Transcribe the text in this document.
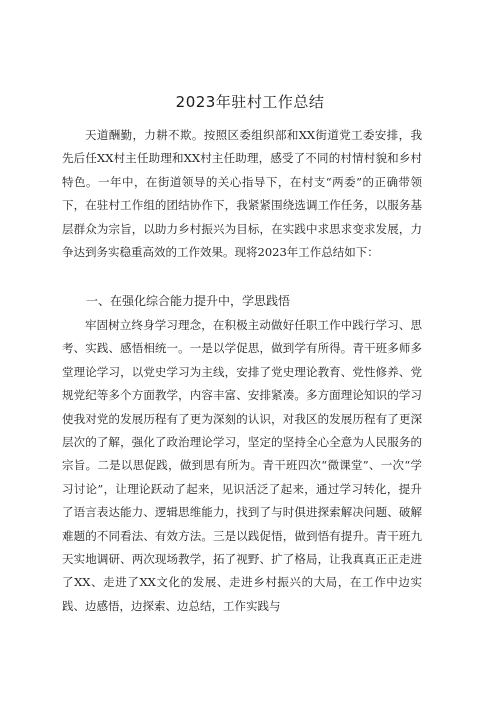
2023年驻村工作总结

天道酬勤，力耕不欺。按照区委组织部和XX街道党工委安排，我先后任XX村主任助理和XX村主任助理，感受了不同的村情村貌和乡村特色。一年中，在街道领导的关心指导下，在村支“两委”的正确带领下，在驻村工作组的团结协作下，我紧紧围绕选调工作任务，以服务基层群众为宗旨，以助力乡村振兴为目标，在实践中求思求变求发展，力争达到务实稳重高效的工作效果。现将2023年工作总结如下：

一、在强化综合能力提升中，学思践悟

牢固树立终身学习理念，在积极主动做好任职工作中践行学习、思考、实践、感悟相统一。一是以学促思，做到学有所得。青干班多师多堂理论学习，以党史学习为主线，安排了党史理论教育、党性修养、党规党纪等多个方面教学，内容丰富、安排紧凑。多方面理论知识的学习使我对党的发展历程有了更为深刻的认识，对我区的发展历程有了更深层次的了解，强化了政治理论学习，坚定的坚持全心全意为人民服务的宗旨。二是以思促践，做到思有所为。青干班四次“微课堂”、一次“学习讨论”，让理论跃动了起来，见识活泛了起来，通过学习转化，提升了语言表达能力、逻辑思维能力，找到了与时俱进探索解决问题、破解难题的不同看法、有效方法。三是以践促悟，做到悟有提升。青干班九天实地调研、两次现场教学，拓了视野、扩了格局，让我真真正正走进了XX、走进了XX文化的发展、走进乡村振兴的大局，在工作中边实践、边感悟，边探索、边总结，工作实践与
